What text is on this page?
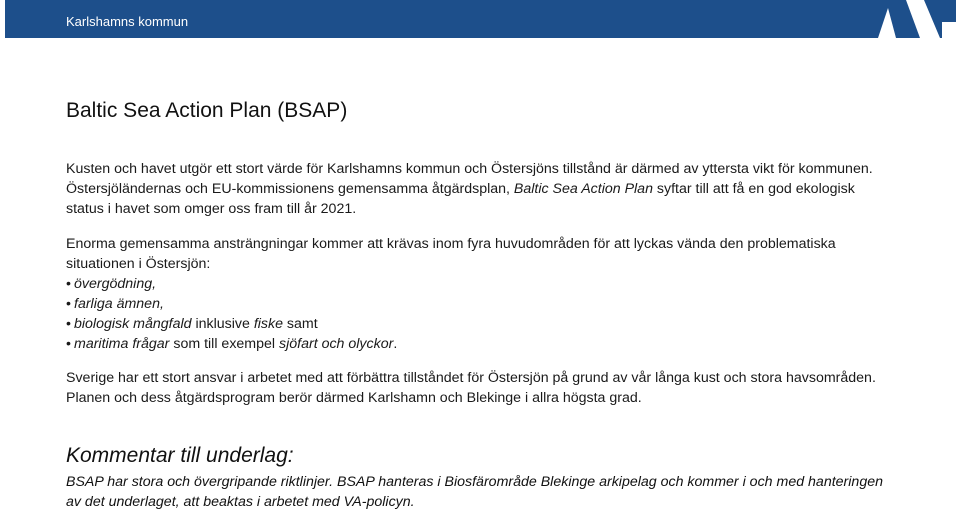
Karlshamns kommun
Baltic Sea Action Plan (BSAP)

Kusten och havet utgör ett stort värde för Karlshamns kommun och Östersjöns tillstånd är därmed av yttersta vikt för kommunen. Östersjöländernas och EU-kommissionens gemensamma åtgärdsplan, Baltic Sea Action Plan syftar till att få en god ekologisk status i havet som omger oss fram till år 2021.

Enorma gemensamma ansträngningar kommer att krävas inom fyra huvudområden för att lyckas vända den problematiska situationen i Östersjön:
• övergödning,
• farliga ämnen,
• biologisk mångfald inklusive fiske samt
• maritima frågar som till exempel sjöfart och olyckor.

Sverige har ett stort ansvar i arbetet med att förbättra tillståndet för Östersjön på grund av vår långa kust och stora havsområden. Planen och dess åtgärdsprogram berör därmed Karlshamn och Blekinge i allra högsta grad.

Kommentar till underlag:

BSAP har stora och övergripande riktlinjer. BSAP hanteras i Biosfärområde Blekinge arkipelag och kommer i och med hanteringen av det underlaget, att beaktas i arbetet med VA-policyn.
